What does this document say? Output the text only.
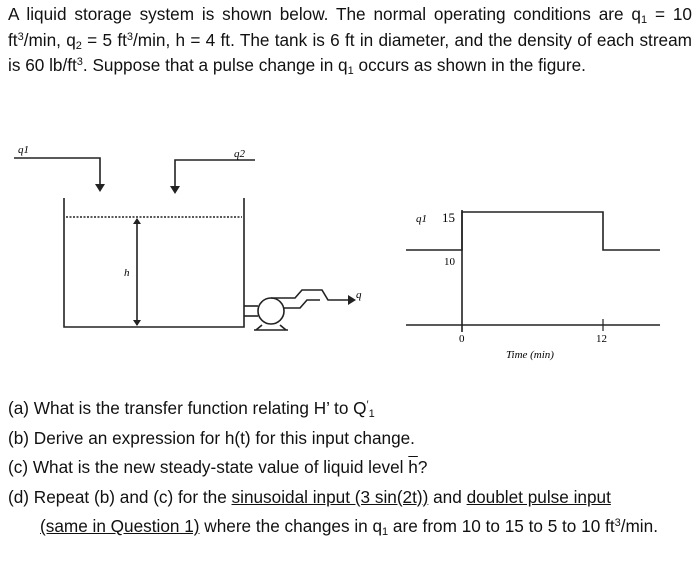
A liquid storage system is shown below. The normal operating conditions are $q_1 = 10$ $ft^3/\min$, $q_2 = 5$ $ft^3/\min$, h = 4 ft. The tank is 6 ft in diameter, and the density of each stream is 60 $lb/ft^3$. Suppose that a pulse change in $q_1$ occurs as shown in the figure.

q1	q2
h
q
q1 15
10
0	12
Time (min)

(a) What is the transfer function relating H’ to $Q'_1$

(b) Derive an expression for h(t) for this input change.

(c) What is the new steady-state value of liquid level $\overline{h}$?

(d) Repeat (b) and (c) for the sinusoidal input (3 sin(2t)) and doublet pulse input

(same in Question 1) where the changes in $q_1$ are from 10 to 15 to 5 to 10 $ft^3/\min$.
